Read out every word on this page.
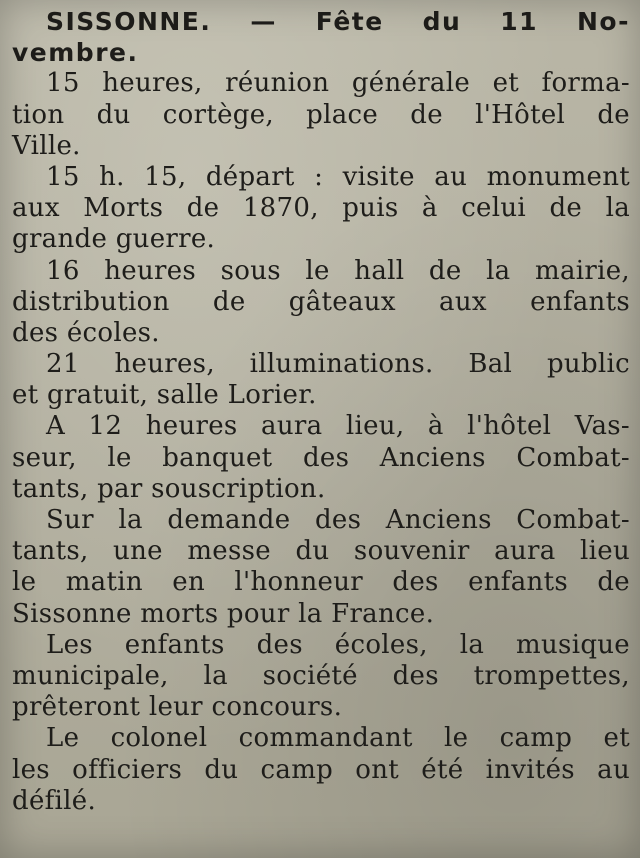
SISSONNE. — Fête du 11 No-
vembre.
15 heures, réunion générale et forma-
tion du cortège, place de l'Hôtel de
Ville.
15 h. 15, départ : visite au monument
aux Morts de 1870, puis à celui de la
grande guerre.
16 heures sous le hall de la mairie,
distribution de gâteaux aux enfants
des écoles.
21 heures, illuminations. Bal public
et gratuit, salle Lorier.
A 12 heures aura lieu, à l'hôtel Vas-
seur, le banquet des Anciens Combat-
tants, par souscription.
Sur la demande des Anciens Combat-
tants, une messe du souvenir aura lieu
le matin en l'honneur des enfants de
Sissonne morts pour la France.
Les enfants des écoles, la musique
municipale, la société des trompettes,
prêteront leur concours.
Le colonel commandant le camp et
les officiers du camp ont été invités au
défilé.
